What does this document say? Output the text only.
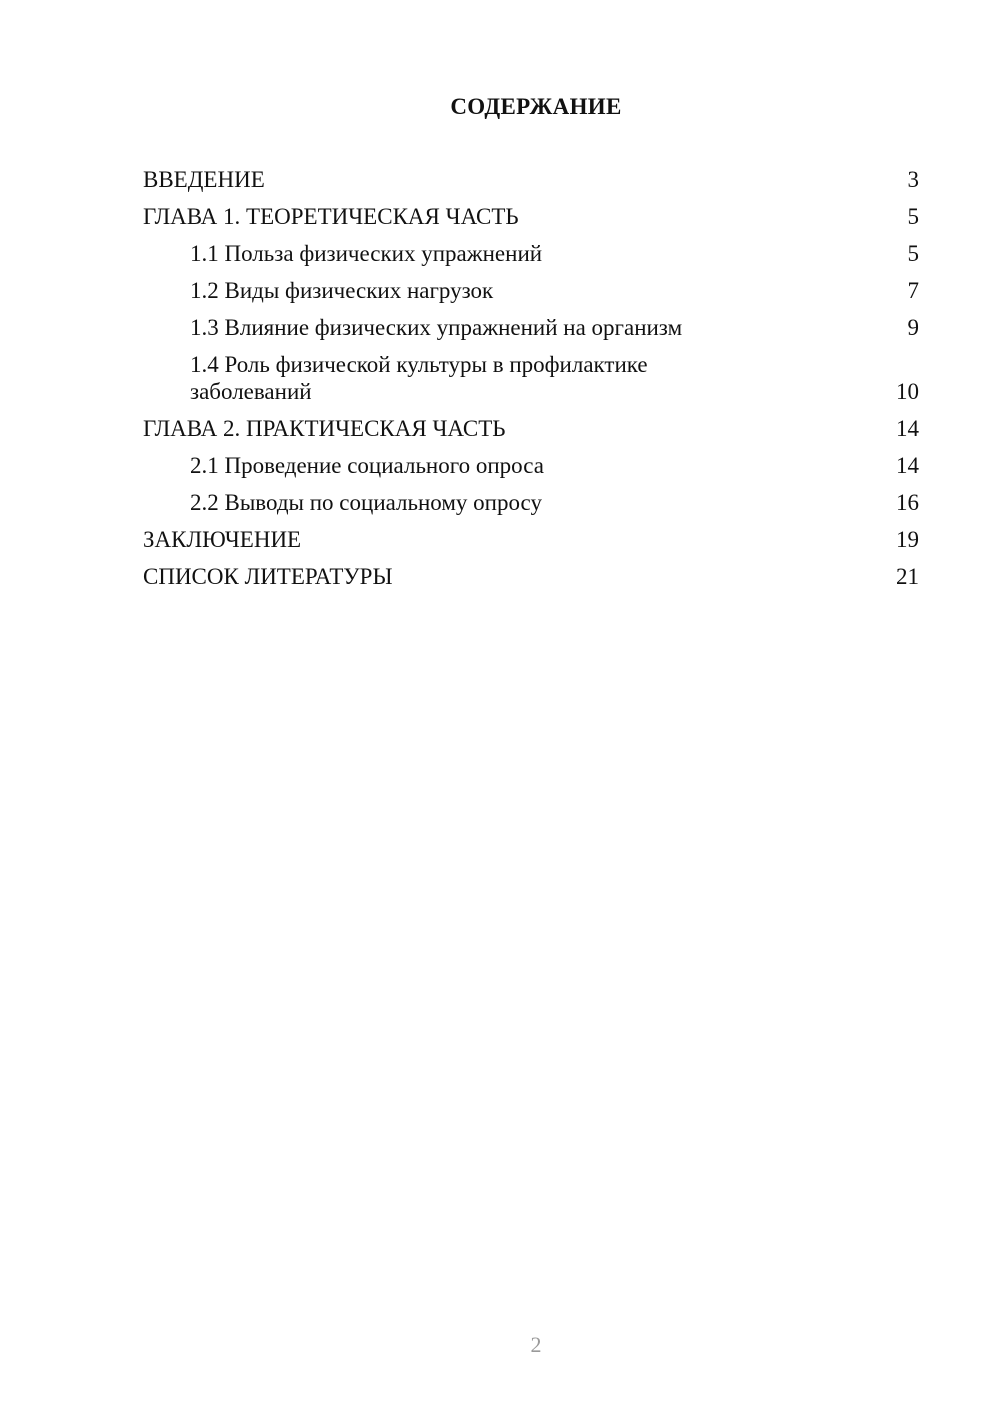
СОДЕРЖАНИЕ
ВВЕДЕНИЕ	3
ГЛАВА 1. ТЕОРЕТИЧЕСКАЯ ЧАСТЬ	5
1.1 Польза физических упражнений	5
1.2 Виды физических нагрузок	7
1.3 Влияние физических упражнений на организм	9
1.4 Роль физической культуры в профилактике заболеваний	10
ГЛАВА 2. ПРАКТИЧЕСКАЯ ЧАСТЬ	14
2.1 Проведение социального опроса	14
2.2 Выводы по социальному опросу	16
ЗАКЛЮЧЕНИЕ	19
СПИСОК ЛИТЕРАТУРЫ	21
2
